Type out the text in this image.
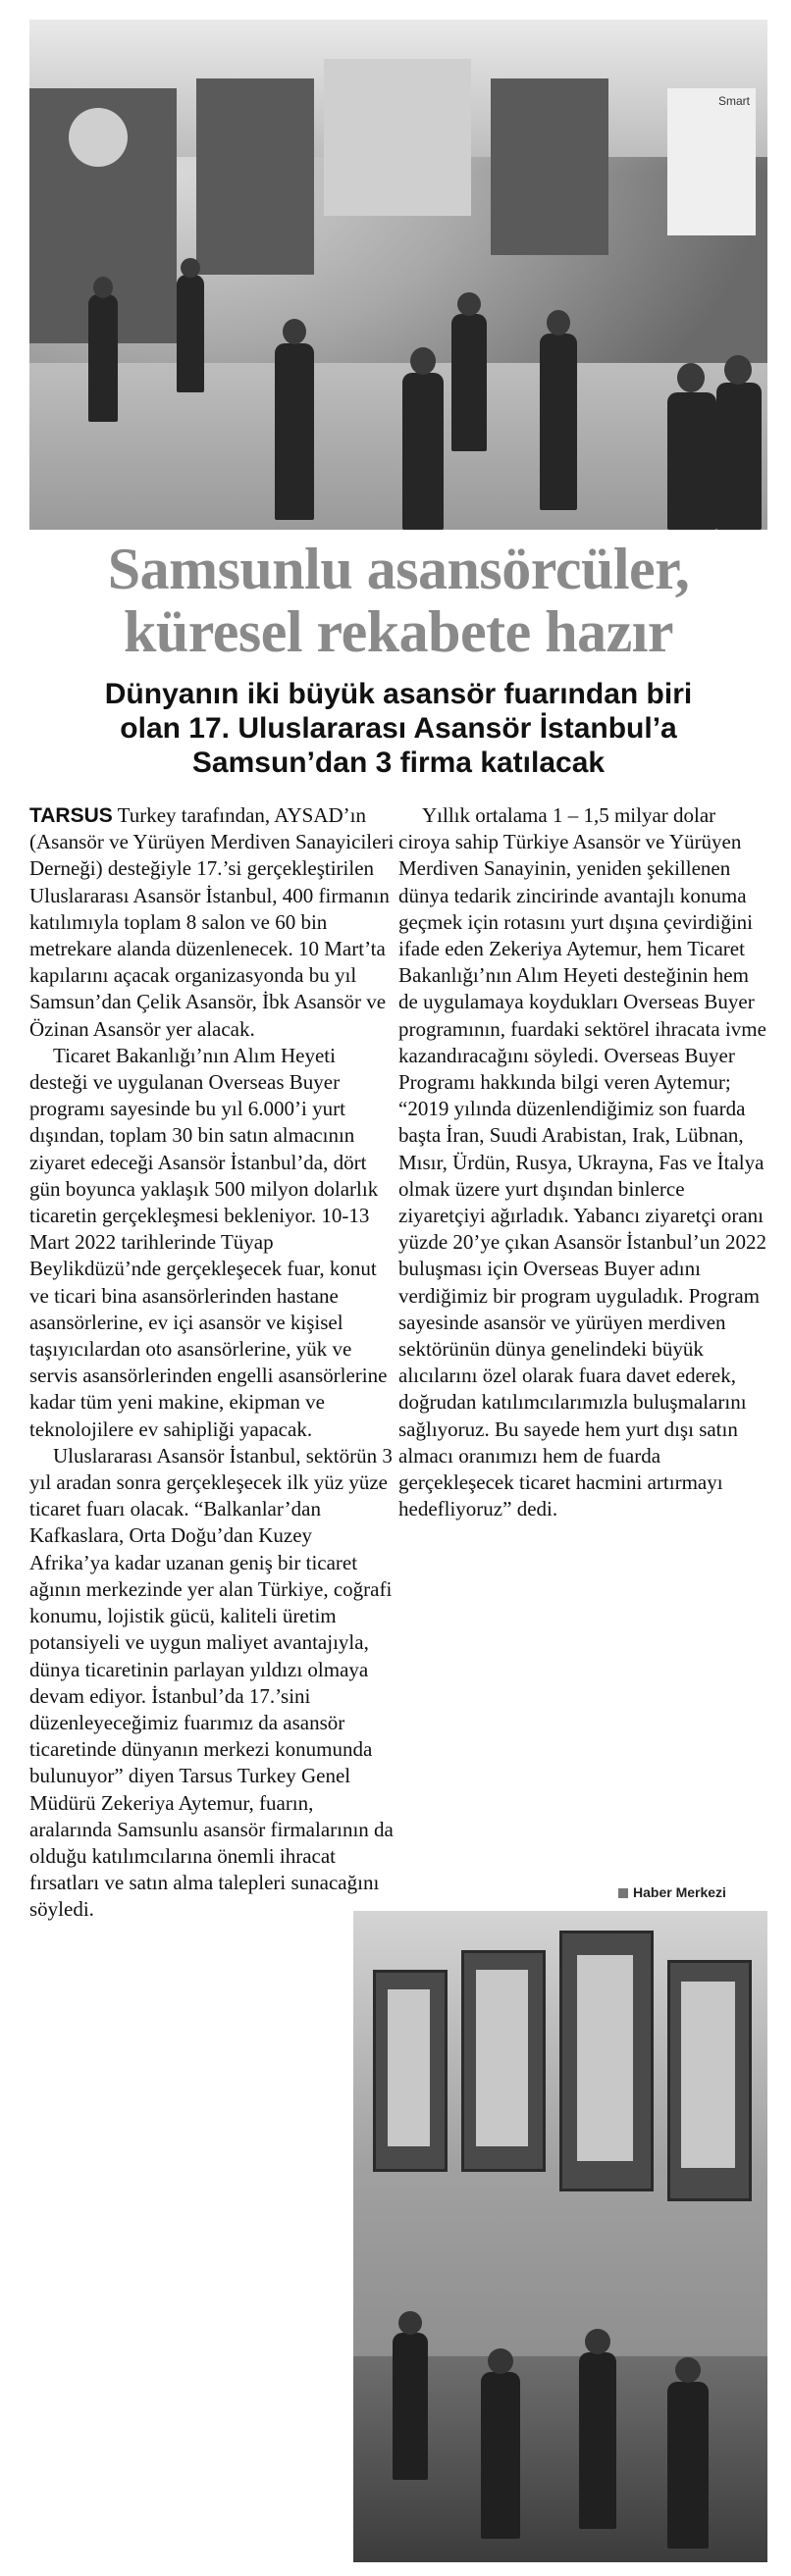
Smart
Samsunlu asansörcüler,
küresel rekabete hazır
Dünyanın iki büyük asansör fuarından biri
olan 17. Uluslararası Asansör İstanbul’a
Samsun’dan 3 firma katılacak

TARSUS Turkey tarafından, AYSAD’ın (Asansör ve Yürüyen Merdiven Sanayicileri Derneği) desteğiyle 17.’si gerçekleştirilen Uluslararası Asansör İstanbul, 400 firmanın katılımıyla toplam 8 salon ve 60 bin metrekare alanda düzenlenecek. 10 Mart’ta kapılarını açacak organizasyonda bu yıl Samsun’dan Çelik Asansör, İbk Asansör ve Özinan Asansör yer alacak.

Ticaret Bakanlığı’nın Alım Heyeti desteği ve uygulanan Overseas Buyer programı sayesinde bu yıl 6.000’i yurt dışından, toplam 30 bin satın almacının ziyaret edeceği Asansör İstanbul’da, dört gün boyunca yaklaşık 500 milyon dolarlık ticaretin gerçekleşmesi bekleniyor. 10-13 Mart 2022 tarihlerinde Tüyap Beylikdüzü’nde gerçekleşecek fuar, konut ve ticari bina asansörlerinden hastane asansörlerine, ev içi asansör ve kişisel taşıyıcılardan oto asansörlerine, yük ve servis asansörlerinden engelli asansörlerine kadar tüm yeni makine, ekipman ve teknolojilere ev sahipliği yapacak.

Uluslararası Asansör İstanbul, sektörün 3 yıl aradan sonra gerçekleşecek ilk yüz yüze ticaret fuarı olacak. “Balkanlar’dan Kafkaslara, Orta Doğu’dan Kuzey Afrika’ya kadar uzanan geniş bir ticaret ağının merkezinde yer alan Türkiye, coğrafi konumu, lojistik gücü, kaliteli üretim potansiyeli ve uygun maliyet avantajıyla, dünya ticaretinin parlayan yıldızı olmaya devam ediyor. İstanbul’da 17.’sini düzenleyeceğimiz fuarımız da asansör ticaretinde dünyanın merkezi konumunda bulunuyor” diyen Tarsus Turkey Genel Müdürü Zekeriya Aytemur, fuarın, aralarında Samsunlu asansör firmalarının da olduğu katılımcılarına önemli ihracat fırsatları ve satın alma talepleri sunacağını söyledi.

Yıllık ortalama 1 – 1,5 milyar dolar ciroya sahip Türkiye Asansör ve Yürüyen Merdiven Sanayinin, yeniden şekillenen dünya tedarik zincirinde avantajlı konuma geçmek için rotasını yurt dışına çevirdiğini ifade eden Zekeriya Aytemur, hem Ticaret Bakanlığı’nın Alım Heyeti desteğinin hem de uygulamaya koydukları Overseas Buyer programının, fuardaki sektörel ihracata ivme kazandıracağını söyledi. Overseas Buyer Programı hakkında bilgi veren Aytemur; “2019 yılında düzenlendiğimiz son fuarda başta İran, Suudi Arabistan, Irak, Lübnan, Mısır, Ürdün, Rusya, Ukrayna, Fas ve İtalya olmak üzere yurt dışından binlerce ziyaretçiyi ağırladık. Yabancı ziyaretçi oranı yüzde 20’ye çıkan Asansör İstanbul’un 2022 buluşması için Overseas Buyer adını verdiğimiz bir program uyguladık. Program sayesinde asansör ve yürüyen merdiven sektörünün dünya genelindeki büyük alıcılarını özel olarak fuara davet ederek, doğrudan katılımcılarımızla buluşmalarını sağlıyoruz. Bu sayede hem yurt dışı satın almacı oranımızı hem de fuarda gerçekleşecek ticaret hacmini artırmayı hedefliyoruz” dedi.

Haber Merkezi
